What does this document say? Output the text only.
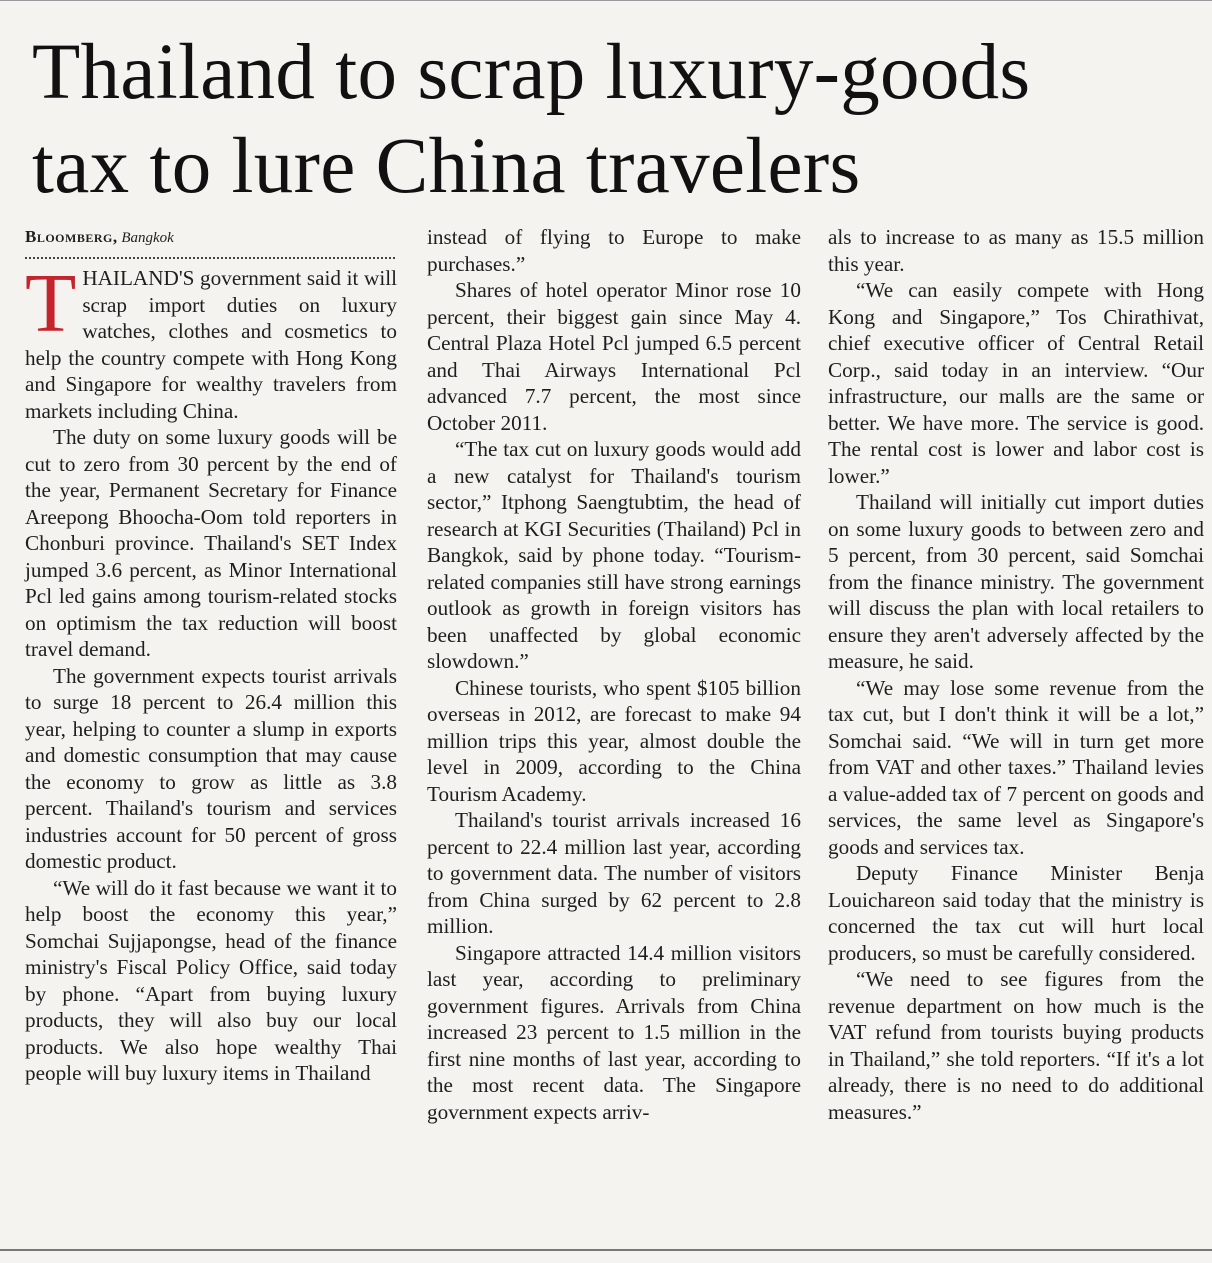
Thailand to scrap luxury-goods
tax to lure China travelers
Bloomberg, Bangkok

THAILAND'S government said it will scrap import duties on luxury watches, clothes and cosmetics to help the country compete with Hong Kong and Singapore for wealthy travelers from markets including China.

The duty on some luxury goods will be cut to zero from 30 percent by the end of the year, Permanent Secretary for Finance Areepong Bhoocha-Oom told reporters in Chonburi province. Thailand's SET Index jumped 3.6 percent, as Minor International Pcl led gains among tourism-related stocks on optimism the tax reduction will boost travel demand.

The government expects tourist arrivals to surge 18 percent to 26.4 million this year, helping to counter a slump in exports and domestic consumption that may cause the economy to grow as little as 3.8 percent. Thailand's tourism and services industries account for 50 percent of gross domestic product.

“We will do it fast because we want it to help boost the economy this year,” Somchai Sujjapongse, head of the finance ministry's Fiscal Policy Office, said today by phone. “Apart from buying luxury products, they will also buy our local products. We also hope wealthy Thai people will buy luxury items in Thailand

instead of flying to Europe to make purchases.”

Shares of hotel operator Minor rose 10 percent, their biggest gain since May 4. Central Plaza Hotel Pcl jumped 6.5 percent and Thai Airways International Pcl advanced 7.7 percent, the most since October 2011.

“The tax cut on luxury goods would add a new catalyst for Thailand's tourism sector,” Itphong Saengtubtim, the head of research at KGI Securities (Thailand) Pcl in Bangkok, said by phone today. “Tourism-related companies still have strong earnings outlook as growth in foreign visitors has been unaffected by global economic slowdown.”

Chinese tourists, who spent $105 billion overseas in 2012, are forecast to make 94 million trips this year, almost double the level in 2009, according to the China Tourism Academy.

Thailand's tourist arrivals increased 16 percent to 22.4 million last year, according to government data. The number of visitors from China surged by 62 percent to 2.8 million.

Singapore attracted 14.4 million visitors last year, according to preliminary government figures. Arrivals from China increased 23 percent to 1.5 million in the first nine months of last year, according to the most recent data. The Singapore government expects arriv-

als to increase to as many as 15.5 million this year.

“We can easily compete with Hong Kong and Singapore,” Tos Chirathivat, chief executive officer of Central Retail Corp., said today in an interview. “Our infrastructure, our malls are the same or better. We have more. The service is good. The rental cost is lower and labor cost is lower.”

Thailand will initially cut import duties on some luxury goods to between zero and 5 percent, from 30 percent, said Somchai from the finance ministry. The government will discuss the plan with local retailers to ensure they aren't adversely affected by the measure, he said.

“We may lose some revenue from the tax cut, but I don't think it will be a lot,” Somchai said. “We will in turn get more from VAT and other taxes.” Thailand levies a value-added tax of 7 percent on goods and services, the same level as Singapore's goods and services tax.

Deputy Finance Minister Benja Louichareon said today that the ministry is concerned the tax cut will hurt local producers, so must be carefully considered.

“We need to see figures from the revenue department on how much is the VAT refund from tourists buying products in Thailand,” she told reporters. “If it's a lot already, there is no need to do additional measures.”
